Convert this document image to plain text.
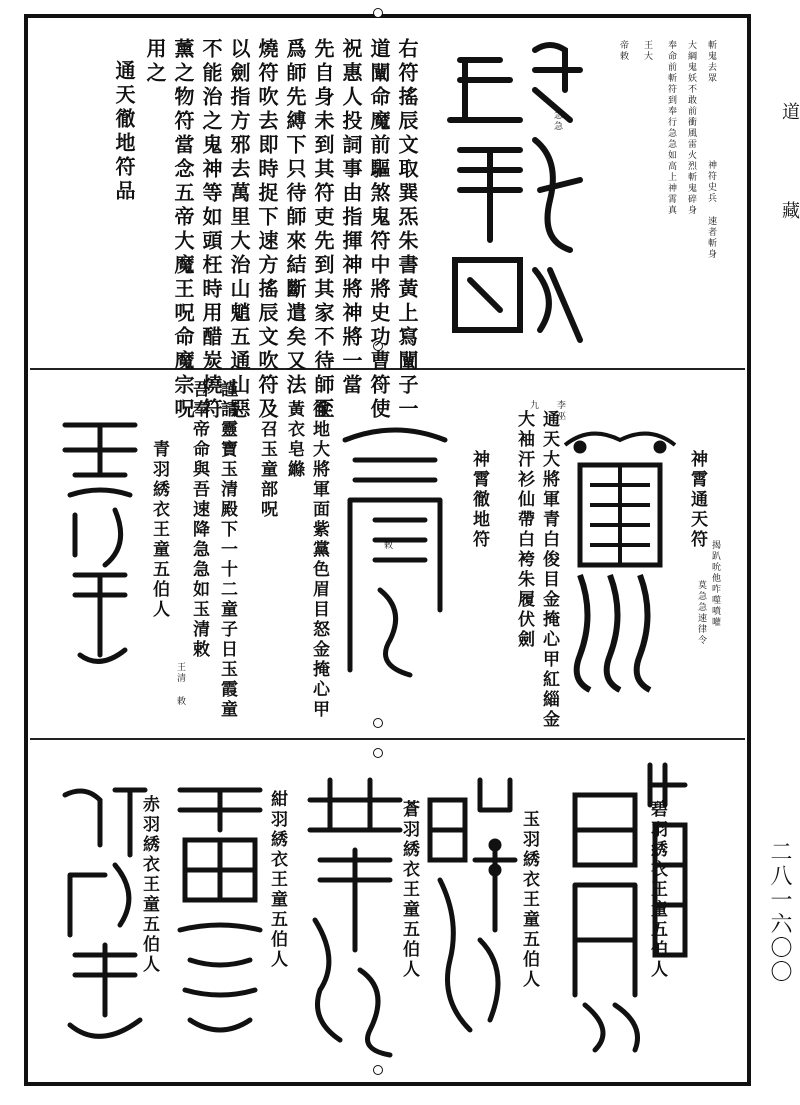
道 藏
二八一六〇〇
斬鬼去眾
大綱鬼妖不敢前衝風雷火烈斬鬼碎身
奉命前斬符到奉行急急如高上神霄真
王大
帝敕
神符史兵 速者斬身
急急
右符搖辰文取巽炁朱書黃上寫闡子一
道闡命魔前驅煞鬼符中將史功曹符使
祝惠人投詞事由指揮神將神將一當
先自身未到其符吏先到其家不待師至
爲師先縛下只待師來結斷遣矣又法
燒符吹去即時捉下速方搖辰文吹符及
以劍指方邪去萬里大治山魈五通山惡
不能治之鬼神等如頭枉時用醋炭燒符
薰之物符當念五帝大魔王呪命魔宗呪
用之
通天徹地符品
神霄通天符
揭趴吮他咋噬噴嚾
莫急急速律令
通天大將軍青白俊目金掩心甲紅緇金
大袖汗衫仙帶白袴朱履伏劍 李巫
九
神霄徹地符
敕
徹地大將軍面紫黨色眉目怒金掩心甲
黃衣皂縧
召玉童部呪
謹請靈寶玉清殿下一十二童子日玉霞童
吾奉帝命與吾速降急急如玉清敕
王清 敕
青羽綉衣王童五伯人
碧羽綉衣王童五伯人
玉羽綉衣王童五伯人
蒼羽綉衣王童五伯人
紺羽綉衣王童五伯人
赤羽綉衣王童五伯人
